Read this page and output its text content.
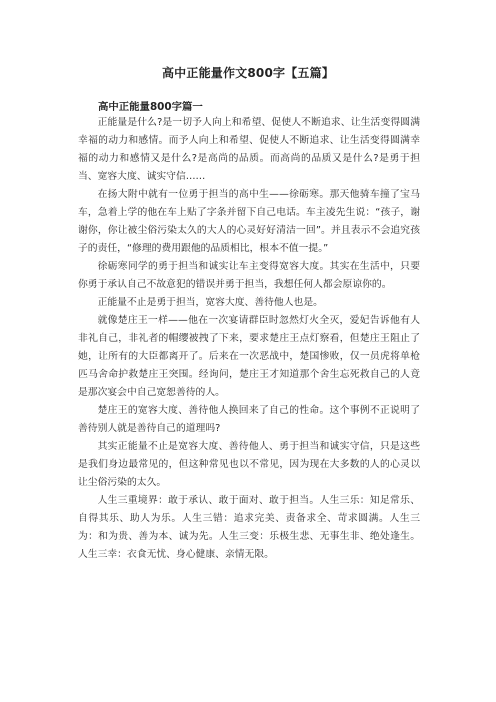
高中正能量作文800字【五篇】
高中正能量800字篇一

正能量是什么?是一切予人向上和希望、促使人不断追求、让生活变得圆满幸福的动力和感情。而予人向上和希望、促使人不断追求、让生活变得圆满幸福的动力和感情又是什么?是高尚的品质。而高尚的品质又是什么?是勇于担当、宽容大度、诚实守信……

在扬大附中就有一位勇于担当的高中生——徐砺寒。那天他骑车撞了宝马车，急着上学的他在车上贴了字条并留下自己电话。车主凌先生说：“孩子，谢谢你，你让被尘俗污染太久的大人的心灵好好清洁一回”。并且表示不会追究孩子的责任，“修理的费用跟他的品质相比，根本不值一提。”

徐砺寒同学的勇于担当和诚实让车主变得宽容大度。其实在生活中，只要你勇于承认自己不故意犯的错误并勇于担当，我想任何人都会原谅你的。

正能量不止是勇于担当，宽容大度、善待他人也是。

就像楚庄王一样——他在一次宴请群臣时忽然灯火全灭，爱妃告诉他有人非礼自己，非礼者的帽缨被拽了下来，要求楚庄王点灯察看，但楚庄王阻止了她，让所有的大臣都离开了。后来在一次恶战中，楚国惨败，仅一员虎将单枪匹马舍命护救楚庄王突围。经询问，楚庄王才知道那个舍生忘死救自己的人竟是那次宴会中自己宽恕善待的人。

楚庄王的宽容大度、善待他人换回来了自己的性命。这个事例不正说明了善待别人就是善待自己的道理吗?

其实正能量不止是宽容大度、善待他人、勇于担当和诚实守信，只是这些是我们身边最常见的，但这种常见也以不常见，因为现在大多数的人的心灵以让尘俗污染的太久。

人生三重境界：敢于承认、敢于面对、敢于担当。人生三乐：知足常乐、自得其乐、助人为乐。人生三错：追求完美、责备求全、苛求圆满。人生三为：和为贵、善为本、诚为先。人生三变：乐极生悲、无事生非、绝处逢生。人生三幸：衣食无忧、身心健康、亲情无限。
